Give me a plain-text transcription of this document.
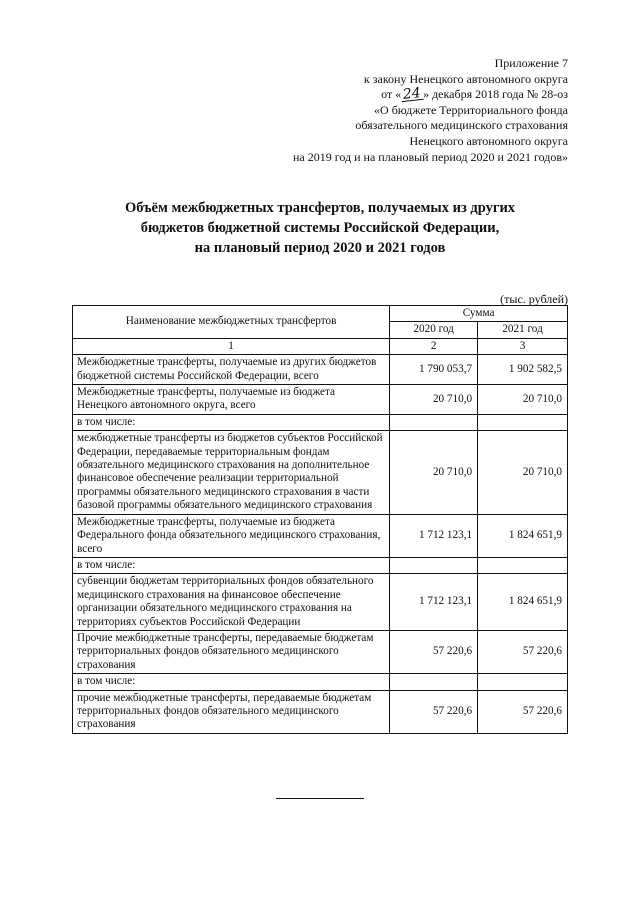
Приложение 7
к закону Ненецкого автономного округа
от «24» декабря 2018 года № 28-оз
«О бюджете Территориального фонда
обязательного медицинского страхования
Ненецкого автономного округа
на 2019 год и на плановый период 2020 и 2021 годов»
Объём межбюджетных трансфертов, получаемых из других
бюджетов бюджетной системы Российской Федерации,
на плановый период 2020 и 2021 годов
(тыс. рублей)
Наименование межбюджетных трансфертов	Сумма	
	2020 год	2021 год
1	2	3
Межбюджетные трансферты, получаемые из других бюджетов бюджетной системы Российской Федерации, всего	1 790 053,7	1 902 582,5
Межбюджетные трансферты, получаемые из бюджета Ненецкого автономного округа, всего	20 710,0	20 710,0
в том числе:		
межбюджетные трансферты из бюджетов субъектов Российской Федерации, передаваемые территориальным фондам обязательного медицинского страхования на дополнительное финансовое обеспечение реализации территориальной программы обязательного медицинского страхования в части базовой программы обязательного медицинского страхования	20 710,0	20 710,0
Межбюджетные трансферты, получаемые из бюджета Федерального фонда обязательного медицинского страхования, всего	1 712 123,1	1 824 651,9
в том числе:		
субвенции бюджетам территориальных фондов обязательного медицинского страхования на финансовое обеспечение организации обязательного медицинского страхования на территориях субъектов Российской Федерации	1 712 123,1	1 824 651,9
Прочие межбюджетные трансферты, передаваемые бюджетам территориальных фондов обязательного медицинского страхования	57 220,6	57 220,6
в том числе:		
прочие межбюджетные трансферты, передаваемые бюджетам территориальных фондов обязательного медицинского страхования	57 220,6	57 220,6
